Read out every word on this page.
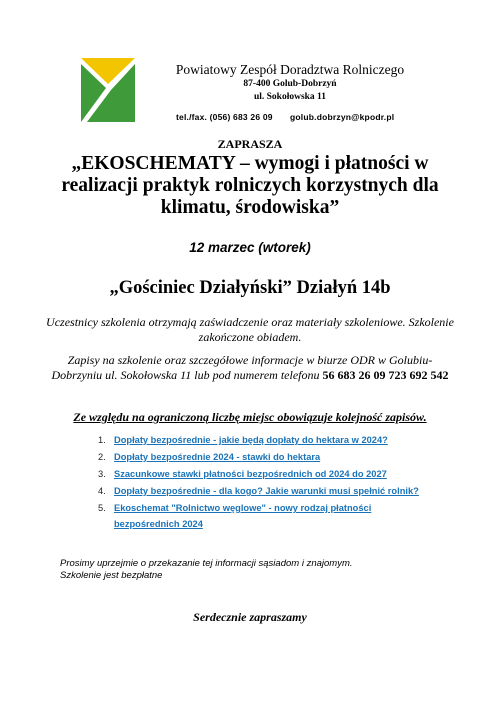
Powiatowy Zespół Doradztwa Rolniczego
87-400 Golub-Dobrzyń
ul. Sokołowska 11
tel./fax. (056) 683 26 09 golub.dobrzyn@kpodr.pl
ZAPRASZA
„EKOSCHEMATY – wymogi i płatności w realizacji praktyk rolniczych korzystnych dla klimatu, środowiska”
12 marzec (wtorek)
„Gościniec Działyński” Działyń 14b
Uczestnicy szkolenia otrzymają zaświadczenie oraz materiały szkoleniowe. Szkolenie zakończone obiadem.
Zapisy na szkolenie oraz szczegółowe informacje w biurze ODR w Golubiu-Dobrzyniu ul. Sokołowska 11 lub pod numerem telefonu 56 683 26 09 723 692 542
Ze względu na ograniczoną liczbę miejsc obowiązuje kolejność zapisów.
1. Dopłaty bezpośrednie - jakie będą dopłaty do hektara w 2024?
2. Dopłaty bezpośrednie 2024 - stawki do hektara
3. Szacunkowe stawki płatności bezpośrednich od 2024 do 2027
4. Dopłaty bezpośrednie - dla kogo? Jakie warunki musi spełnić rolnik?
5. Ekoschemat "Rolnictwo węglowe" - nowy rodzaj płatności bezpośrednich 2024
Prosimy uprzejmie o przekazanie tej informacji sąsiadom i znajomym.
Szkolenie jest bezpłatne
Serdecznie zapraszamy
